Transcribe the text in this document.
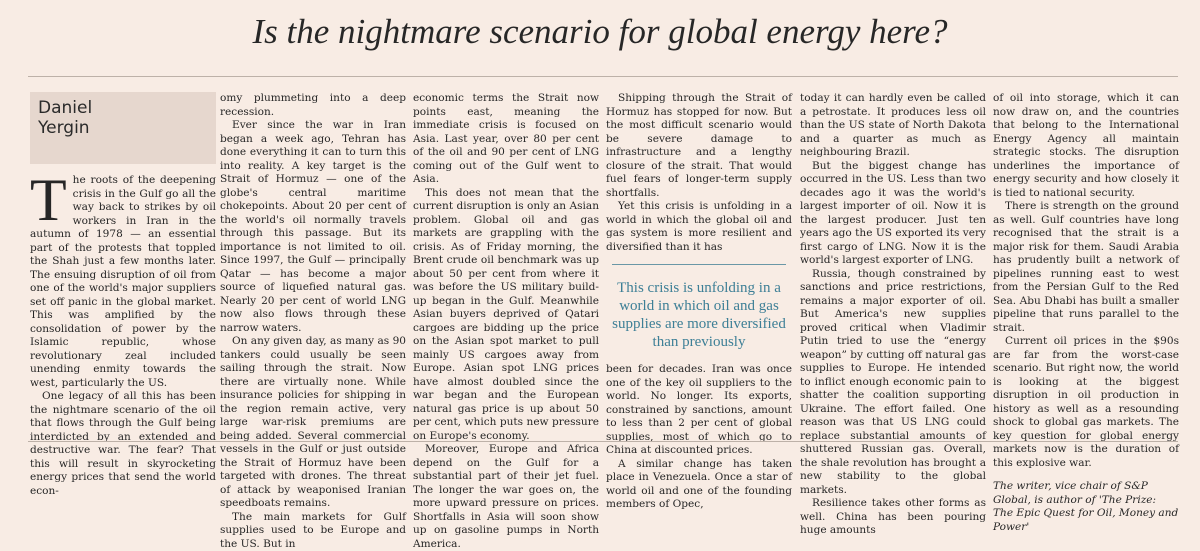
Is the nightmare scenario for global energy here?
Daniel Yergin

The roots of the deepening crisis in the Gulf go all the way back to strikes by oil workers in Iran in the autumn of 1978 — an essential part of the protests that toppled the Shah just a few months later. The ensuing disruption of oil from one of the world's major suppliers set off panic in the global market. This was amplified by the consolidation of power by the Islamic republic, whose revolutionary zeal included unending enmity towards the west, particularly the US.

One legacy of all this has been the nightmare scenario of the oil that flows through the Gulf being interdicted by an extended and destructive war. The fear? That this will result in skyrocketing energy prices that send the world econ-

omy plummeting into a deep recession.

Ever since the war in Iran began a week ago, Tehran has done everything it can to turn this into reality. A key target is the Strait of Hormuz — one of the globe's central maritime chokepoints. About 20 per cent of the world's oil normally travels through this passage. But its importance is not limited to oil. Since 1997, the Gulf — principally Qatar — has become a major source of liquefied natural gas. Nearly 20 per cent of world LNG now also flows through these narrow waters.

On any given day, as many as 90 tankers could usually be seen sailing through the strait. Now there are virtually none. While insurance policies for shipping in the region remain active, very large war-risk premiums are being added. Several commercial vessels in the Gulf or just outside the Strait of Hormuz have been targeted with drones. The threat of attack by weaponised Iranian speedboats remains.

The main markets for Gulf supplies used to be Europe and the US. But in

economic terms the Strait now points east, meaning the immediate crisis is focused on Asia. Last year, over 80 per cent of the oil and 90 per cent of LNG coming out of the Gulf went to Asia.

This does not mean that the current disruption is only an Asian problem. Global oil and gas markets are grappling with the crisis. As of Friday morning, the Brent crude oil benchmark was up about 50 per cent from where it was before the US military build-up began in the Gulf. Meanwhile Asian buyers deprived of Qatari cargoes are bidding up the price on the Asian spot market to pull mainly US cargoes away from Europe. Asian spot LNG prices have almost doubled since the war began and the European natural gas price is up about 50 per cent, which puts new pressure on Europe's economy.

Moreover, Europe and Africa depend on the Gulf for a substantial part of their jet fuel. The longer the war goes on, the more upward pressure on prices. Shortfalls in Asia will soon show up on gasoline pumps in North America.

Shipping through the Strait of Hormuz has stopped for now. But the most difficult scenario would be severe damage to infrastructure and a lengthy closure of the strait. That would fuel fears of longer-term supply shortfalls.

Yet this crisis is unfolding in a world in which the global oil and gas system is more resilient and diversified than it has

This crisis is unfolding in a world in which oil and gas supplies are more diversified than previously

been for decades. Iran was once one of the key oil suppliers to the world. No longer. Its exports, constrained by sanctions, amount to less than 2 per cent of global supplies, most of which go to China at discounted prices.

A similar change has taken place in Venezuela. Once a star of world oil and one of the founding members of Opec,

today it can hardly even be called a petrostate. It produces less oil than the US state of North Dakota and a quarter as much as neighbouring Brazil.

But the biggest change has occurred in the US. Less than two decades ago it was the world's largest importer of oil. Now it is the largest producer. Just ten years ago the US exported its very first cargo of LNG. Now it is the world's largest exporter of LNG.

Russia, though constrained by sanctions and price restrictions, remains a major exporter of oil. But America's new supplies proved critical when Vladimir Putin tried to use the “energy weapon” by cutting off natural gas supplies to Europe. He intended to inflict enough economic pain to shatter the coalition supporting Ukraine. The effort failed. One reason was that US LNG could replace substantial amounts of shuttered Russian gas. Overall, the shale revolution has brought a new stability to the global markets.

Resilience takes other forms as well. China has been pouring huge amounts

of oil into storage, which it can now draw on, and the countries that belong to the International Energy Agency all maintain strategic stocks. The disruption underlines the importance of energy security and how closely it is tied to national security.

There is strength on the ground as well. Gulf countries have long recognised that the strait is a major risk for them. Saudi Arabia has prudently built a network of pipelines running east to west from the Persian Gulf to the Red Sea. Abu Dhabi has built a smaller pipeline that runs parallel to the strait.

Current oil prices in the $90s are far from the worst-case scenario. But right now, the world is looking at the biggest disruption in oil production in history as well as a resounding shock to global gas markets. The key question for global energy markets now is the duration of this explosive war.

The writer, vice chair of S&P Global, is author of 'The Prize: The Epic Quest for Oil, Money and Power'
